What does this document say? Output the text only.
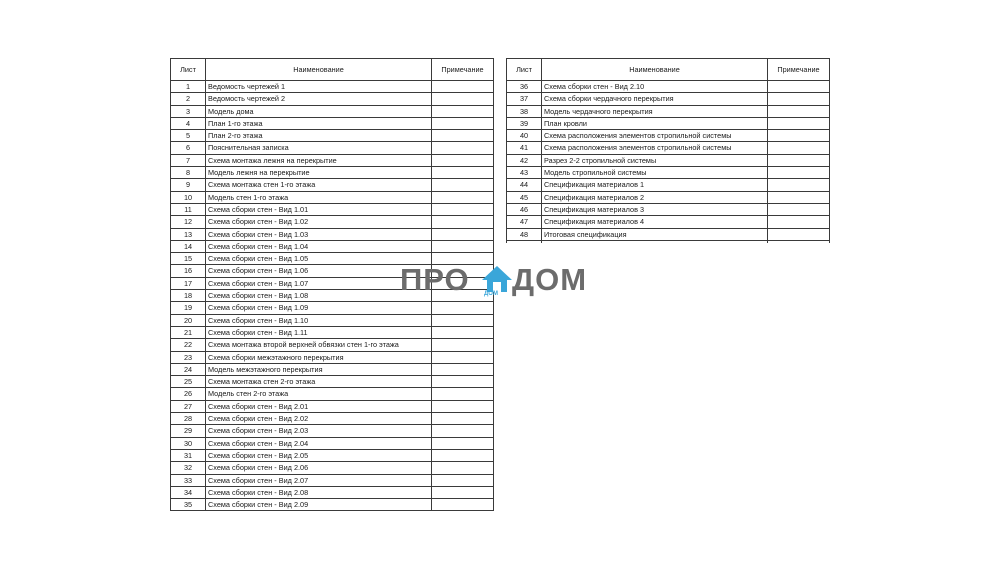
Лист	Наименование	Примечание
1	Ведомость чертежей 1	
2	Ведомость чертежей 2	
3	Модель дома	
4	План 1-го этажа	
5	План 2-го этажа	
6	Пояснительная записка	
7	Схема монтажа лежня на перекрытие	
8	Модель лежня на перекрытие	
9	Схема монтажа стен 1-го этажа	
10	Модель стен 1-го этажа	
11	Схема сборки стен - Вид 1.01	
12	Схема сборки стен - Вид 1.02	
13	Схема сборки стен - Вид 1.03	
14	Схема сборки стен - Вид 1.04	
15	Схема сборки стен - Вид 1.05	
16	Схема сборки стен - Вид 1.06	
17	Схема сборки стен - Вид 1.07	
18	Схема сборки стен - Вид 1.08	
19	Схема сборки стен - Вид 1.09	
20	Схема сборки стен - Вид 1.10	
21	Схема сборки стен - Вид 1.11	
22	Схема монтажа второй верхней обвязки стен 1-го этажа	
23	Схема сборки межэтажного перекрытия	
24	Модель межэтажного перекрытия	
25	Схема монтажа стен 2-го этажа	
26	Модель стен 2-го этажа	
27	Схема сборки стен - Вид 2.01	
28	Схема сборки стен - Вид 2.02	
29	Схема сборки стен - Вид 2.03	
30	Схема сборки стен - Вид 2.04	
31	Схема сборки стен - Вид 2.05	
32	Схема сборки стен - Вид 2.06	
33	Схема сборки стен - Вид 2.07	
34	Схема сборки стен - Вид 2.08	
35	Схема сборки стен - Вид 2.09	
Лист	Наименование	Примечание
36	Схема сборки стен - Вид 2.10	
37	Схема сборки чердачного перекрытия	
38	Модель чердачного перекрытия	
39	План кровли	
40	Схема расположения элементов стропильной системы	
41	Схема расположения элементов стропильной системы	
42	Разрез 2-2 стропильной системы	
43	Модель стропильной системы	
44	Спецификация материалов 1	
45	Спецификация материалов 2	
46	Спецификация материалов 3	
47	Спецификация материалов 4	
48	Итоговая спецификация	

ПРО ДОМ ДОМ
